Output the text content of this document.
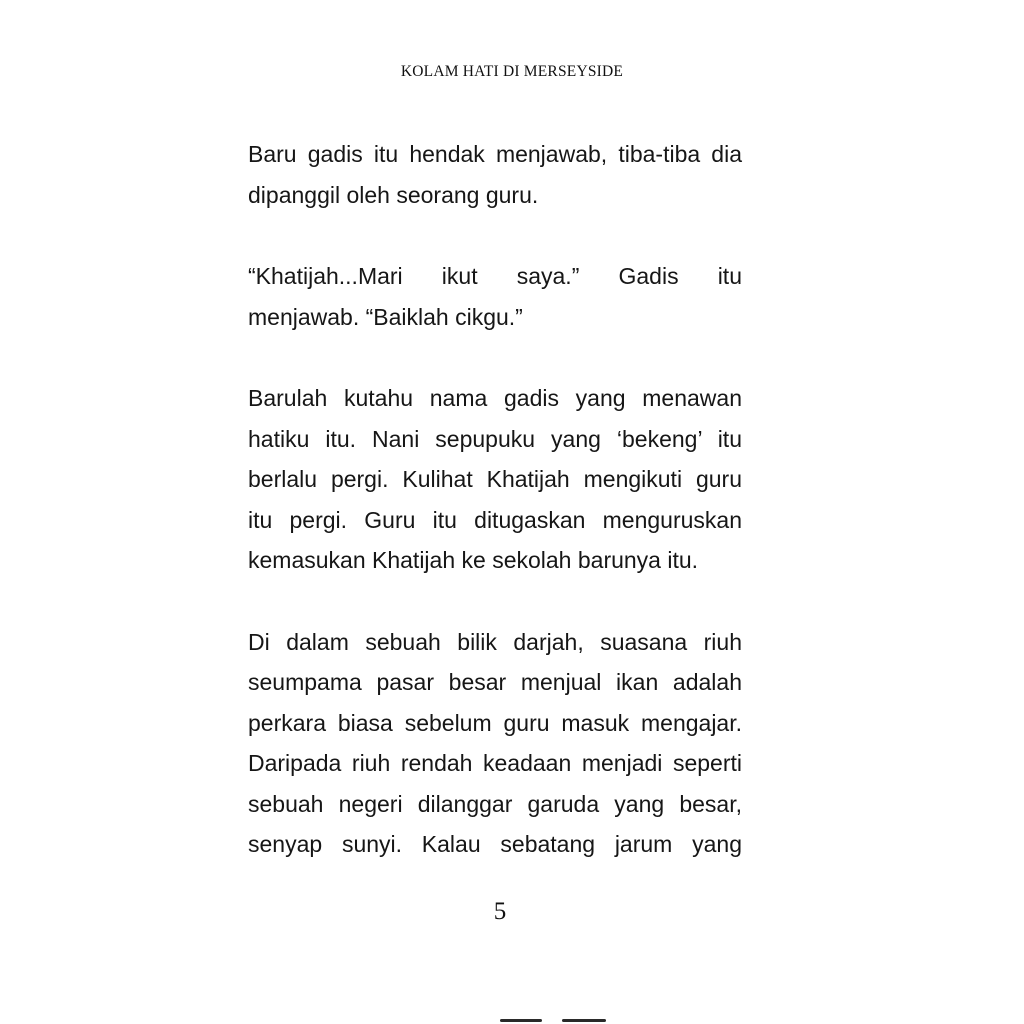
KOLAM HATI DI MERSEYSIDE

Baru gadis itu hendak menjawab, tiba-tiba dia
dipanggil oleh seorang guru.

“Khatijah...Mari ikut saya.” Gadis itu
menjawab. “Baiklah cikgu.”

Barulah kutahu nama gadis yang menawan
hatiku itu. Nani sepupuku yang ‘bekeng’ itu
berlalu pergi. Kulihat Khatijah mengikuti guru
itu pergi. Guru itu ditugaskan menguruskan
kemasukan Khatijah ke sekolah barunya itu.

Di dalam sebuah bilik darjah, suasana riuh
seumpama pasar besar menjual ikan adalah
perkara biasa sebelum guru masuk mengajar.
Daripada riuh rendah keadaan menjadi seperti
sebuah negeri dilanggar garuda yang besar,
senyap sunyi. Kalau sebatang jarum yang

5
